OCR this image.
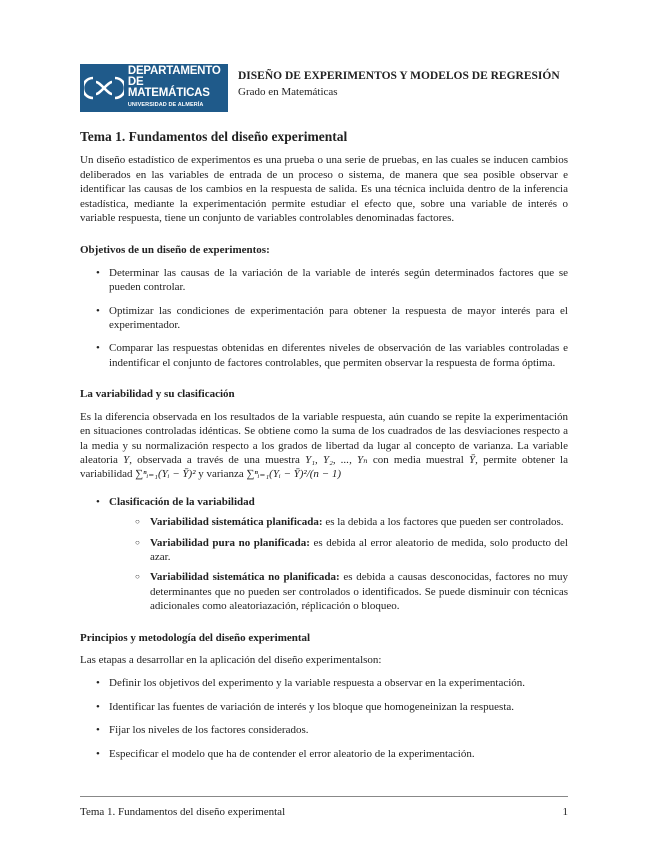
DEPARTAMENTO
DE MATEMÁTICAS
UNIVERSIDAD DE ALMERÍA
DISEÑO DE EXPERIMENTOS Y MODELOS DE REGRESIÓN
Grado en Matemáticas
Tema 1. Fundamentos del diseño experimental

Un diseño estadístico de experimentos es una prueba o una serie de pruebas, en las cuales se inducen cambios deliberados en las variables de entrada de un proceso o sistema, de manera que sea posible observar e identificar las causas de los cambios en la respuesta de salida. Es una técnica incluida dentro de la inferencia estadística, mediante la experimentación permite estudiar el efecto que, sobre una variable de interés o variable respuesta, tiene un conjunto de variables controlables denominadas factores.

Objetivos de un diseño de experimentos:
• Determinar las causas de la variación de la variable de interés según determinados factores que se pueden controlar.
• Optimizar las condiciones de experimentación para obtener la respuesta de mayor interés para el experimentador.
• Comparar las respuestas obtenidas en diferentes niveles de observación de las variables controladas e indentificar el conjunto de factores controlables, que permiten observar la respuesta de forma óptima.
La variabilidad y su clasificación

Es la diferencia observada en los resultados de la variable respuesta, aún cuando se repite la experimentación en situaciones controladas idénticas. Se obtiene como la suma de los cuadrados de las desviaciones respecto a la media y su normalización respecto a los grados de libertad da lugar al concepto de varianza. La variable aleatoria Y, observada a través de una muestra Y₁, Y₂, ..., Yₙ con media muestral Ȳ, permite obtener la variabilidad ∑ⁿᵢ₌₁(Yᵢ − Ȳ)² y varianza ∑ⁿᵢ₌₁(Yᵢ − Ȳ)²/(n − 1)

• Clasificación de la variabilidad
○ Variabilidad sistemática planificada: es la debida a los factores que pueden ser controlados.
○ Variabilidad pura no planificada: es debida al error aleatorio de medida, solo producto del azar.
○ Variabilidad sistemática no planificada: es debida a causas desconocidas, factores no muy determinantes que no pueden ser controlados o identificados. Se puede disminuir con técnicas adicionales como aleatoriazación, réplicación o bloqueo.
Principios y metodología del diseño experimental

Las etapas a desarrollar en la aplicación del diseño experimentalson:

• Definir los objetivos del experimento y la variable respuesta a observar en la experimentación.
• Identificar las fuentes de variación de interés y los bloque que homogeneinizan la respuesta.
• Fijar los niveles de los factores considerados.
• Especificar el modelo que ha de contender el error aleatorio de la experimentación.
Tema 1. Fundamentos del diseño experimental	1
